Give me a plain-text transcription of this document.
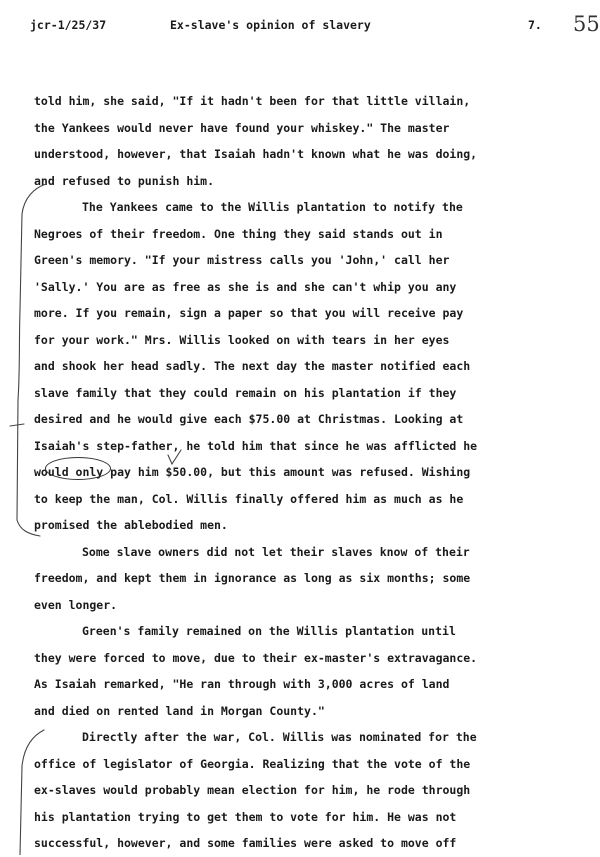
jcr-1/25/37	Ex-slave's opinion of slavery	7. 55
told him, she said, "If it hadn't been for that little villain,
the Yankees would never have found your whiskey." The master
understood, however, that Isaiah hadn't known what he was doing,
and refused to punish him.
The Yankees came to the Willis plantation to notify the
Negroes of their freedom. One thing they said stands out in
Green's memory. "If your mistress calls you 'John,' call her
'Sally.' You are as free as she is and she can't whip you any
more. If you remain, sign a paper so that you will receive pay
for your work." Mrs. Willis looked on with tears in her eyes
and shook her head sadly. The next day the master notified each
slave family that they could remain on his plantation if they
desired and he would give each $75.00 at Christmas. Looking at
Isaiah's step-father, he told him that since he was afflicted he
would only pay him $50.00, but this amount was refused. Wishing
to keep the man, Col. Willis finally offered him as much as he
promised the ablebodied men.
Some slave owners did not let their slaves know of their
freedom, and kept them in ignorance as long as six months; some
even longer.
Green's family remained on the Willis plantation until
they were forced to move, due to their ex-master's extravagance.
As Isaiah remarked, "He ran through with 3,000 acres of land
and died on rented land in Morgan County."
Directly after the war, Col. Willis was nominated for the
office of legislator of Georgia. Realizing that the vote of the
ex-slaves would probably mean election for him, he rode through
his plantation trying to get them to vote for him. He was not
successful, however, and some families were asked to move off
